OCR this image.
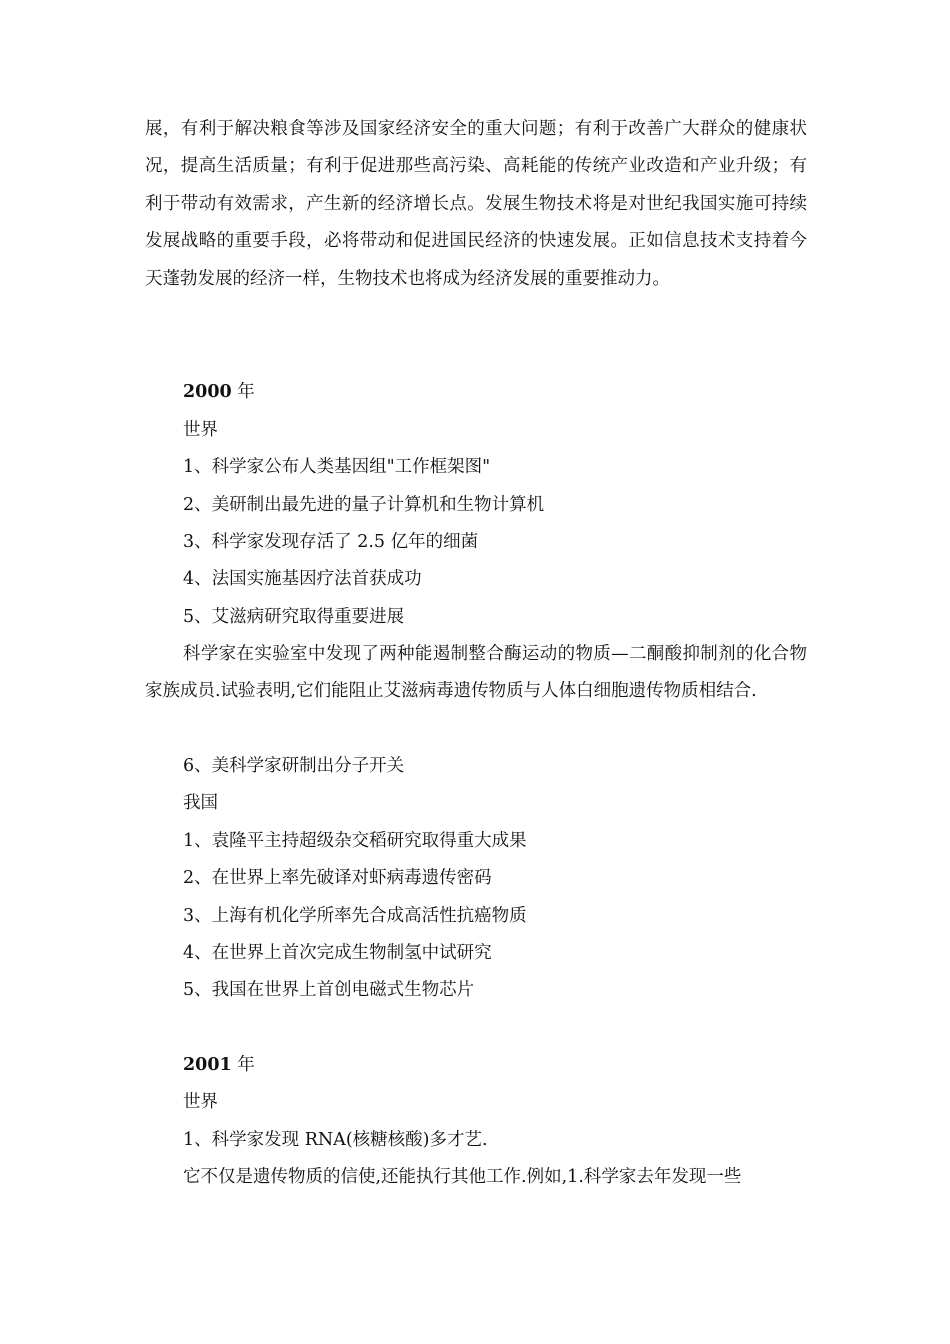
展，有利于解决粮食等涉及国家经济安全的重大问题；有利于改善广大群众的健康状况，提高生活质量；有利于促进那些高污染、高耗能的传统产业改造和产业升级；有利于带动有效需求，产生新的经济增长点。发展生物技术将是对世纪我国实施可持续发展战略的重要手段，必将带动和促进国民经济的快速发展。正如信息技术支持着今天蓬勃发展的经济一样，生物技术也将成为经济发展的重要推动力。

2000 年

世界

1、科学家公布人类基因组"工作框架图"

2、美研制出最先进的量子计算机和生物计算机

3、科学家发现存活了 2.5 亿年的细菌

4、法国实施基因疗法首获成功

5、艾滋病研究取得重要进展

科学家在实验室中发现了两种能遏制整合酶运动的物质—二酮酸抑制剂的化合物家族成员.试验表明,它们能阻止艾滋病毒遗传物质与人体白细胞遗传物质相结合.

6、美科学家研制出分子开关

我国

1、袁隆平主持超级杂交稻研究取得重大成果

2、在世界上率先破译对虾病毒遗传密码

3、上海有机化学所率先合成高活性抗癌物质

4、在世界上首次完成生物制氢中试研究

5、我国在世界上首创电磁式生物芯片

2001 年

世界

1、科学家发现 RNA(核糖核酸)多才艺.

它不仅是遗传物质的信使,还能执行其他工作.例如,1.科学家去年发现一些
